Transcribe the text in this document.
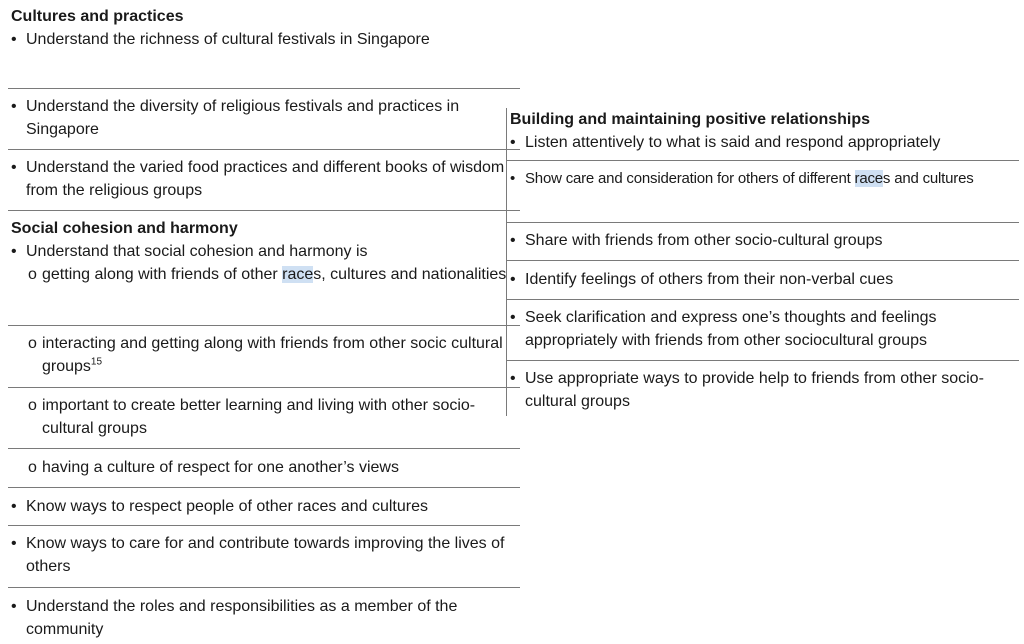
Cultures and practices
• Understand the richness of cultural festivals in Singapore
• Understand the diversity of religious festivals and practices in Singapore
• Understand the varied food practices and different books of wisdom from the religious groups
Social cohesion and harmony
• Understand that social cohesion and harmony is
o getting along with friends of other races, cultures and nationalities
o interacting and getting along with friends from other socic cultural groups$^{15}$
o important to create better learning and living with other socio-cultural groups
o having a culture of respect for one another’s views
• Know ways to respect people of other races and cultures
• Know ways to care for and contribute towards improving the lives of others
• Understand the roles and responsibilities as a member of the community
Building and maintaining positive relationships
• Listen attentively to what is said and respond appropriately
• Show care and consideration for others of different races and cultures
• Share with friends from other socio-cultural groups
• Identify feelings of others from their non-verbal cues
• Seek clarification and express one’s thoughts and feelings appropriately with friends from other sociocultural groups
• Use appropriate ways to provide help to friends from other socio-cultural groups
